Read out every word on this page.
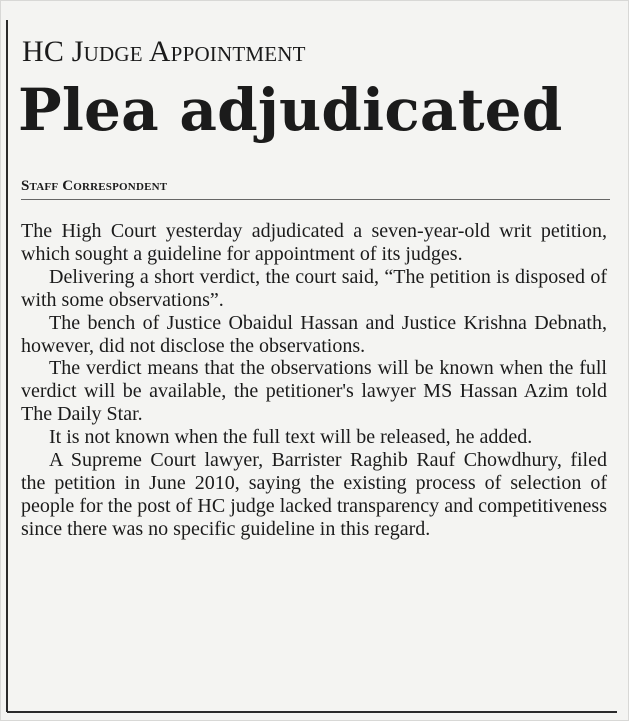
HC Judge Appointment
Plea adjudicated
Staff Correspondent

The High Court yesterday adjudicated a seven-year-old writ petition, which sought a guideline for appointment of its judges.

Delivering a short verdict, the court said, “The petition is disposed of with some observations”.

The bench of Justice Obaidul Hassan and Justice Krishna Debnath, however, did not disclose the observations.

The verdict means that the observations will be known when the full verdict will be available, the petitioner's lawyer MS Hassan Azim told The Daily Star.

It is not known when the full text will be released, he added.

A Supreme Court lawyer, Barrister Raghib Rauf Chowdhury, filed the petition in June 2010, saying the existing process of selection of people for the post of HC judge lacked transparency and competitiveness since there was no specific guideline in this regard.
